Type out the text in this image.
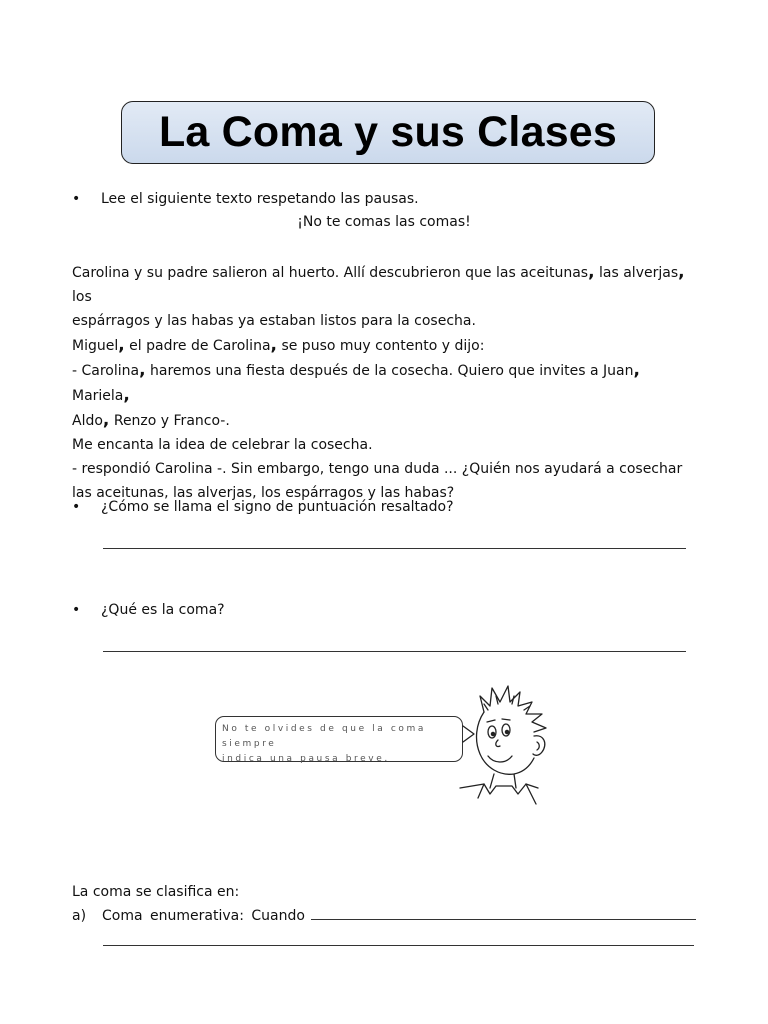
La Coma y sus Clases
•	Lee el siguiente texto respetando las pausas.
¡No te comas las comas!

Carolina y su padre salieron al huerto. Allí descubrieron que las aceitunas, las alverjas, los

espárragos y las habas ya estaban listos para la cosecha.

Miguel, el padre de Carolina, se puso muy contento y dijo:

- Carolina, haremos una fiesta después de la cosecha. Quiero que invites a Juan, Mariela,

Aldo, Renzo y Franco-.

Me encanta la idea de celebrar la cosecha.

- respondió Carolina -. Sin embargo, tengo una duda ... ¿Quién nos ayudará a cosechar

las aceitunas, las alverjas, los espárragos y las habas?

•	¿Cómo se llama el signo de puntuación resaltado?
•	¿Qué es la coma?
No te olvides de que la coma siempre
indica una pausa breve.
La coma se clasifica en:
a)	Coma enumerativa: Cuando
